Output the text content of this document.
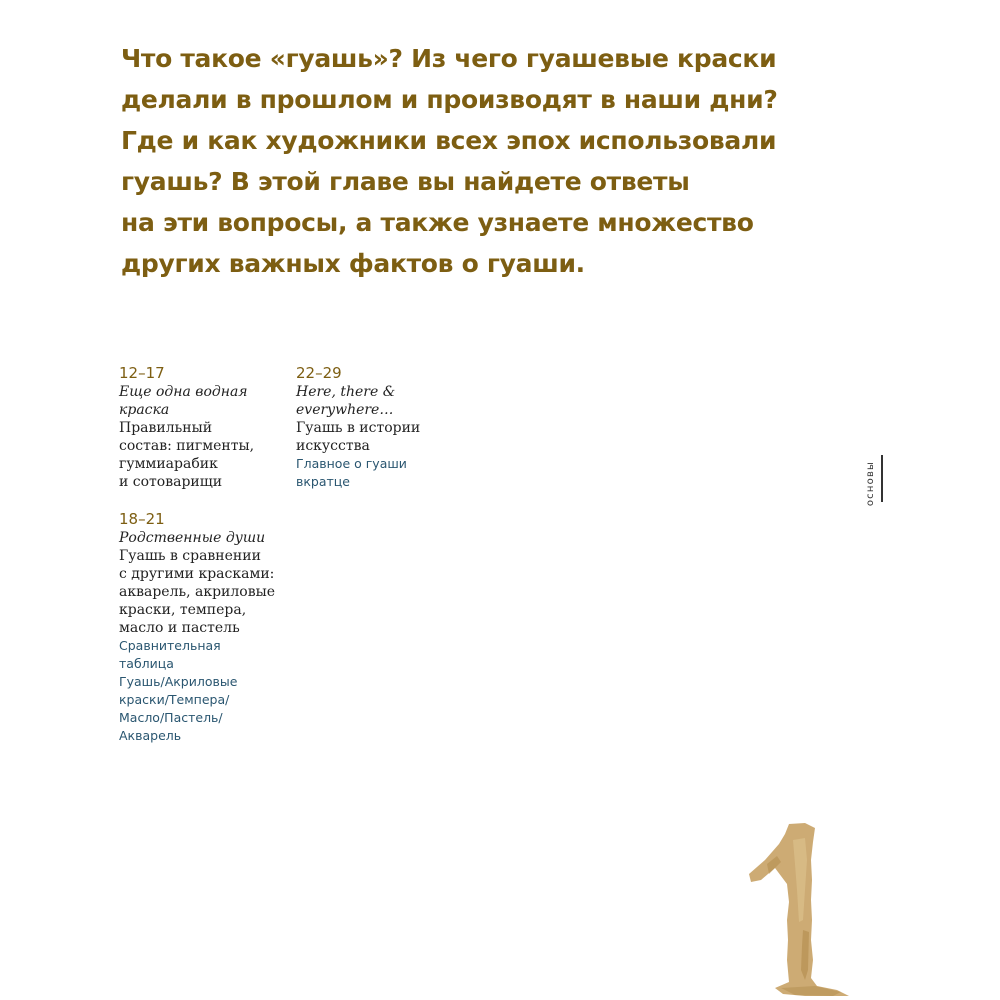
Что такое «гуашь»? Из чего гуашевые краски
делали в прошлом и производят в наши дни?
Где и как художники всех эпох использовали
гуашь? В этой главе вы найдете ответы
на эти вопросы, а также узнаете множество
других важных фактов о гуаши.

12–17
Еще одна водная
краска
Правильный
состав: пигменты,
гуммиарабик
и сотоварищи
18–21
Родственные души
Гуашь в сравнении
с другими красками:
акварель, акриловые
краски, темпера,
масло и пастель
Сравнительная
таблица
Гуашь/Акриловые
краски/Темпера/
Масло/Пастель/
Акварель
22–29
Here, there &
everywhere…
Гуашь в истории
искусства
Главное о гуаши
вкратце	основы
